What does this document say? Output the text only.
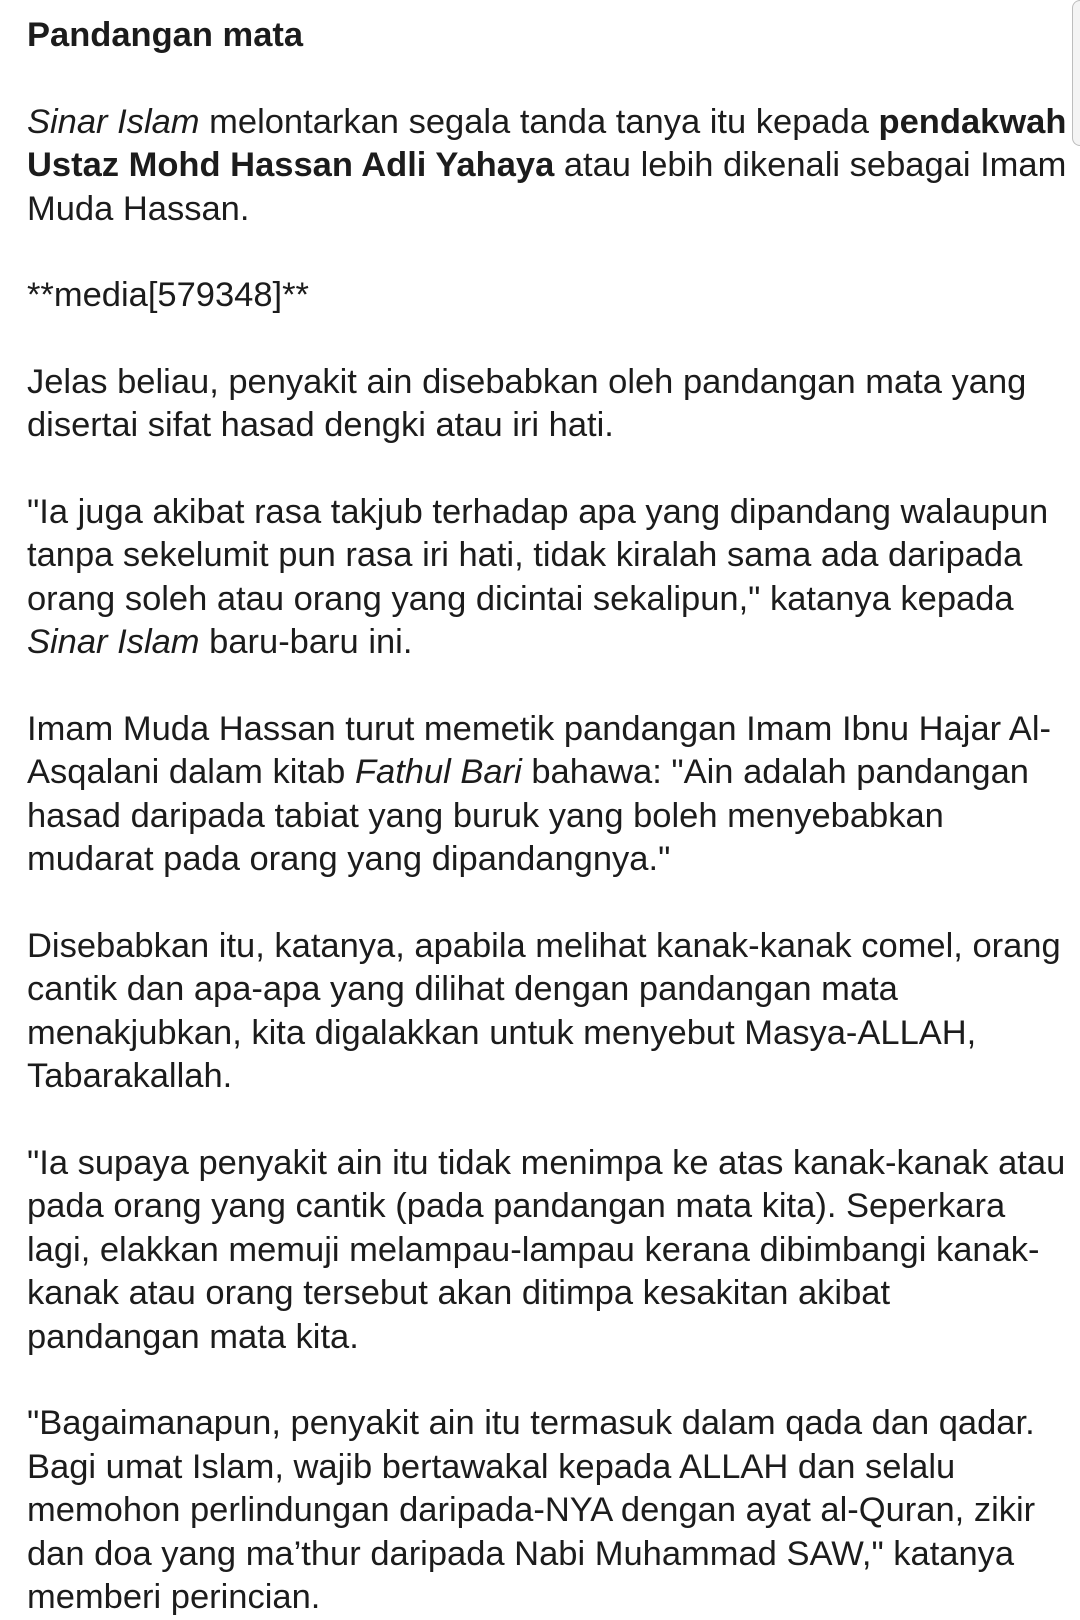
Pandangan mata
Sinar Islam melontarkan segala tanda tanya itu kepada pendakwah Ustaz Mohd Hassan Adli Yahaya atau lebih dikenali sebagai Imam Muda Hassan.
**media[579348]**
Jelas beliau, penyakit ain disebabkan oleh pandangan mata yang disertai sifat hasad dengki atau iri hati.
"Ia juga akibat rasa takjub terhadap apa yang dipandang walaupun tanpa sekelumit pun rasa iri hati, tidak kiralah sama ada daripada orang soleh atau orang yang dicintai sekalipun," katanya kepada Sinar Islam baru-baru ini.
Imam Muda Hassan turut memetik pandangan Imam Ibnu Hajar Al-Asqalani dalam kitab Fathul Bari bahawa: "Ain adalah pandangan hasad daripada tabiat yang buruk yang boleh menyebabkan mudarat pada orang yang dipandangnya."
Disebabkan itu, katanya, apabila melihat kanak-kanak comel, orang cantik dan apa-apa yang dilihat dengan pandangan mata menakjubkan, kita digalakkan untuk menyebut Masya-ALLAH, Tabarakallah.
"Ia supaya penyakit ain itu tidak menimpa ke atas kanak-kanak atau pada orang yang cantik (pada pandangan mata kita). Seperkara lagi, elakkan memuji melampau-lampau kerana dibimbangi kanak-kanak atau orang tersebut akan ditimpa kesakitan akibat pandangan mata kita.
"Bagaimanapun, penyakit ain itu termasuk dalam qada dan qadar. Bagi umat Islam, wajib bertawakal kepada ALLAH dan selalu memohon perlindungan daripada-NYA dengan ayat al-Quran, zikir dan doa yang ma’thur daripada Nabi Muhammad SAW," katanya memberi perincian.
